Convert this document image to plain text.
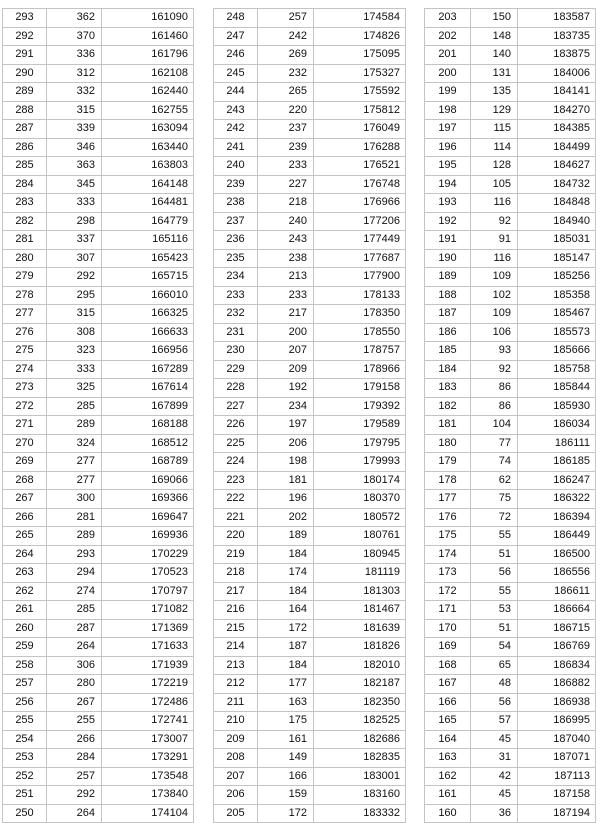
293	362	161090
292	370	161460
291	336	161796
290	312	162108
289	332	162440
288	315	162755
287	339	163094
286	346	163440
285	363	163803
284	345	164148
283	333	164481
282	298	164779
281	337	165116
280	307	165423
279	292	165715
278	295	166010
277	315	166325
276	308	166633
275	323	166956
274	333	167289
273	325	167614
272	285	167899
271	289	168188
270	324	168512
269	277	168789
268	277	169066
267	300	169366
266	281	169647
265	289	169936
264	293	170229
263	294	170523
262	274	170797
261	285	171082
260	287	171369
259	264	171633
258	306	171939
257	280	172219
256	267	172486
255	255	172741
254	266	173007
253	284	173291
252	257	173548
251	292	173840
250	264	174104
248	257	174584
247	242	174826
246	269	175095
245	232	175327
244	265	175592
243	220	175812
242	237	176049
241	239	176288
240	233	176521
239	227	176748
238	218	176966
237	240	177206
236	243	177449
235	238	177687
234	213	177900
233	233	178133
232	217	178350
231	200	178550
230	207	178757
229	209	178966
228	192	179158
227	234	179392
226	197	179589
225	206	179795
224	198	179993
223	181	180174
222	196	180370
221	202	180572
220	189	180761
219	184	180945
218	174	181119
217	184	181303
216	164	181467
215	172	181639
214	187	181826
213	184	182010
212	177	182187
211	163	182350
210	175	182525
209	161	182686
208	149	182835
207	166	183001
206	159	183160
205	172	183332
203	150	183587
202	148	183735
201	140	183875
200	131	184006
199	135	184141
198	129	184270
197	115	184385
196	114	184499
195	128	184627
194	105	184732
193	116	184848
192	92	184940
191	91	185031
190	116	185147
189	109	185256
188	102	185358
187	109	185467
186	106	185573
185	93	185666
184	92	185758
183	86	185844
182	86	185930
181	104	186034
180	77	186111
179	74	186185
178	62	186247
177	75	186322
176	72	186394
175	55	186449
174	51	186500
173	56	186556
172	55	186611
171	53	186664
170	51	186715
169	54	186769
168	65	186834
167	48	186882
166	56	186938
165	57	186995
164	45	187040
163	31	187071
162	42	187113
161	45	187158
160	36	187194
